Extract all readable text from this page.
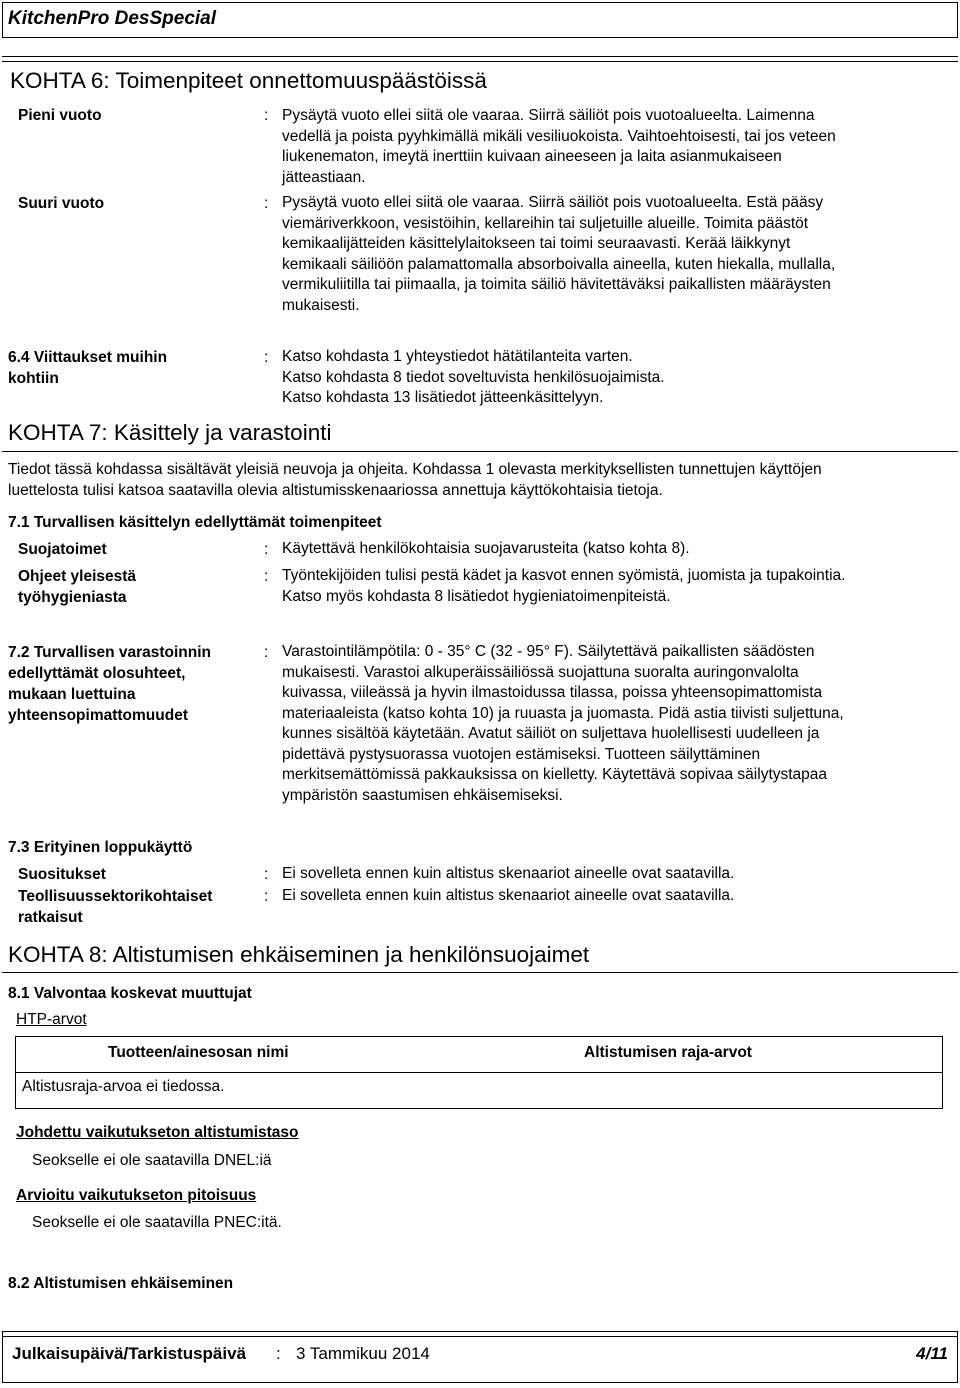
KitchenPro DesSpecial
KOHTA 6: Toimenpiteet onnettomuuspäästöissä
Pieni vuoto	: Pysäytä vuoto ellei siitä ole vaaraa. Siirrä säiliöt pois vuotoalueelta. Laimenna
vedellä ja poista pyyhkimällä mikäli vesiliuokoista. Vaihtoehtoisesti, tai jos veteen
liukenematon, imeytä inerttiin kuivaan aineeseen ja laita asianmukaiseen
jätteastiaan.
Suuri vuoto	: Pysäytä vuoto ellei siitä ole vaaraa. Siirrä säiliöt pois vuotoalueelta. Estä pääsy
viemäriverkkoon, vesistöihin, kellareihin tai suljetuille alueille. Toimita päästöt
kemikaalijätteiden käsittelylaitokseen tai toimi seuraavasti. Kerää läikkynyt
kemikaali säiliöön palamattomalla absorboivalla aineella, kuten hiekalla, mullalla,
vermikuliitilla tai piimaalla, ja toimita säiliö hävitettäväksi paikallisten määräysten
mukaisesti.
6.4 Viittaukset muihin
kohtiin
: Katso kohdasta 1 yhteystiedot hätätilanteita varten.
Katso kohdasta 8 tiedot soveltuvista henkilösuojaimista.
Katso kohdasta 13 lisätiedot jätteenkäsittelyyn.
KOHTA 7: Käsittely ja varastointi
Tiedot tässä kohdassa sisältävät yleisiä neuvoja ja ohjeita. Kohdassa 1 olevasta merkityksellisten tunnettujen käyttöjen
luettelosta tulisi katsoa saatavilla olevia altistumisskenaariossa annettuja käyttökohtaisia tietoja.
7.1 Turvallisen käsittelyn edellyttämät toimenpiteet
Suojatoimet	: Käytettävä henkilökohtaisia suojavarusteita (katso kohta 8).
Ohjeet yleisestä
työhygieniasta
: Työntekijöiden tulisi pestä kädet ja kasvot ennen syömistä, juomista ja tupakointia.
Katso myös kohdasta 8 lisätiedot hygieniatoimenpiteistä.
7.2 Turvallisen varastoinnin
edellyttämät olosuhteet,
mukaan luettuina
yhteensopimattomuudet
: Varastointilämpötila: 0 - 35° C (32 - 95° F). Säilytettävä paikallisten säädösten
mukaisesti. Varastoi alkuperäissäiliössä suojattuna suoralta auringonvalolta
kuivassa, viileässä ja hyvin ilmastoidussa tilassa, poissa yhteensopimattomista
materiaaleista (katso kohta 10) ja ruuasta ja juomasta. Pidä astia tiivisti suljettuna,
kunnes sisältöä käytetään. Avatut säiliöt on suljettava huolellisesti uudelleen ja
pidettävä pystysuorassa vuotojen estämiseksi. Tuotteen säilyttäminen
merkitsemättömissä pakkauksissa on kielletty. Käytettävä sopivaa säilytystapaa
ympäristön saastumisen ehkäisemiseksi.
7.3 Erityinen loppukäyttö
Suositukset	: Ei sovelleta ennen kuin altistus skenaariot aineelle ovat saatavilla.
Teollisuussektorikohtaiset
ratkaisut
: Ei sovelleta ennen kuin altistus skenaariot aineelle ovat saatavilla.
KOHTA 8: Altistumisen ehkäiseminen ja henkilönsuojaimet
8.1 Valvontaa koskevat muuttujat
HTP-arvot
Tuotteen/ainesosan nimi	Altistumisen raja-arvot
Altistusraja-arvoa ei tiedossa.
Johdettu vaikutukseton altistumistaso
Seokselle ei ole saatavilla DNEL:iä
Arvioitu vaikutukseton pitoisuus
Seokselle ei ole saatavilla PNEC:itä.
8.2 Altistumisen ehkäiseminen
Julkaisupäivä/Tarkistuspäivä : 3 Tammikuu 2014	4/11
